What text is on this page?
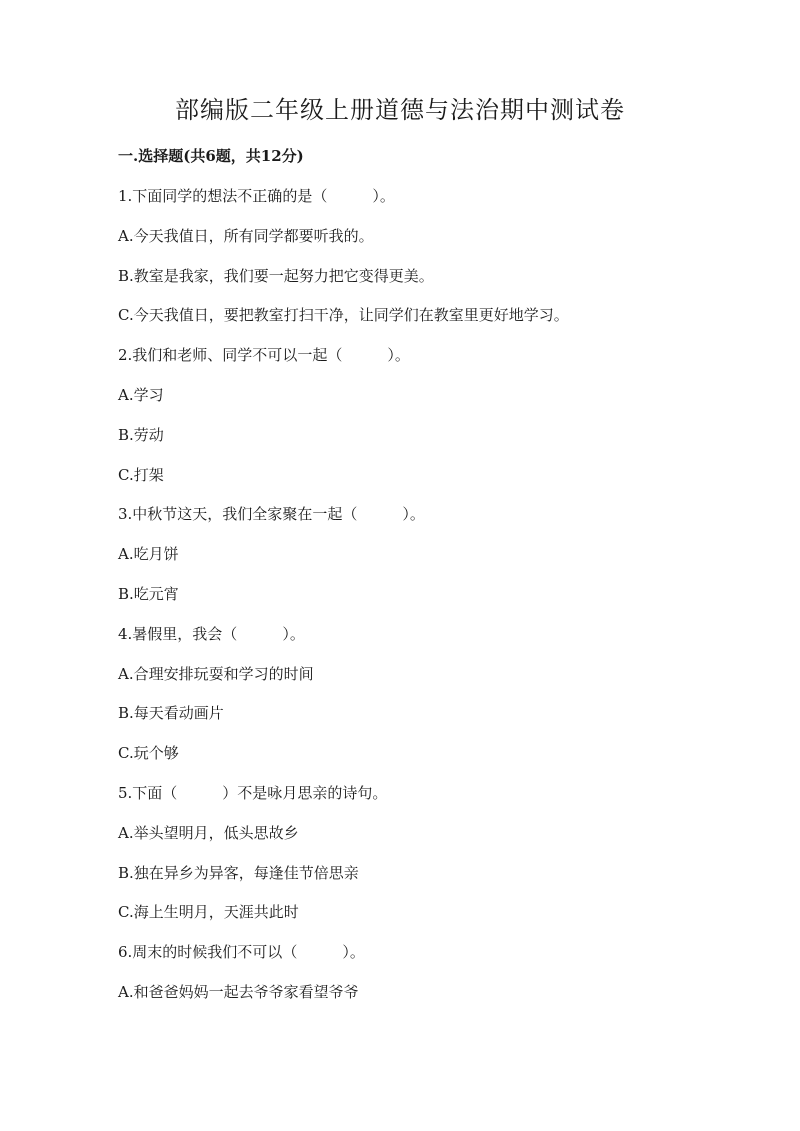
部编版二年级上册道德与法治期中测试卷
一.选择题(共6题，共12分)
1.下面同学的想法不正确的是（　　　）。
A.今天我值日，所有同学都要听我的。
B.教室是我家，我们要一起努力把它变得更美。
C.今天我值日，要把教室打扫干净，让同学们在教室里更好地学习。
2.我们和老师、同学不可以一起（　　　）。
A.学习
B.劳动
C.打架
3.中秋节这天，我们全家聚在一起（　　　）。
A.吃月饼
B.吃元宵
4.暑假里，我会（　　　）。
A.合理安排玩耍和学习的时间
B.每天看动画片
C.玩个够
5.下面（　　　）不是咏月思亲的诗句。
A.举头望明月，低头思故乡
B.独在异乡为异客，每逢佳节倍思亲
C.海上生明月，天涯共此时
6.周末的时候我们不可以（　　　）。
A.和爸爸妈妈一起去爷爷家看望爷爷
